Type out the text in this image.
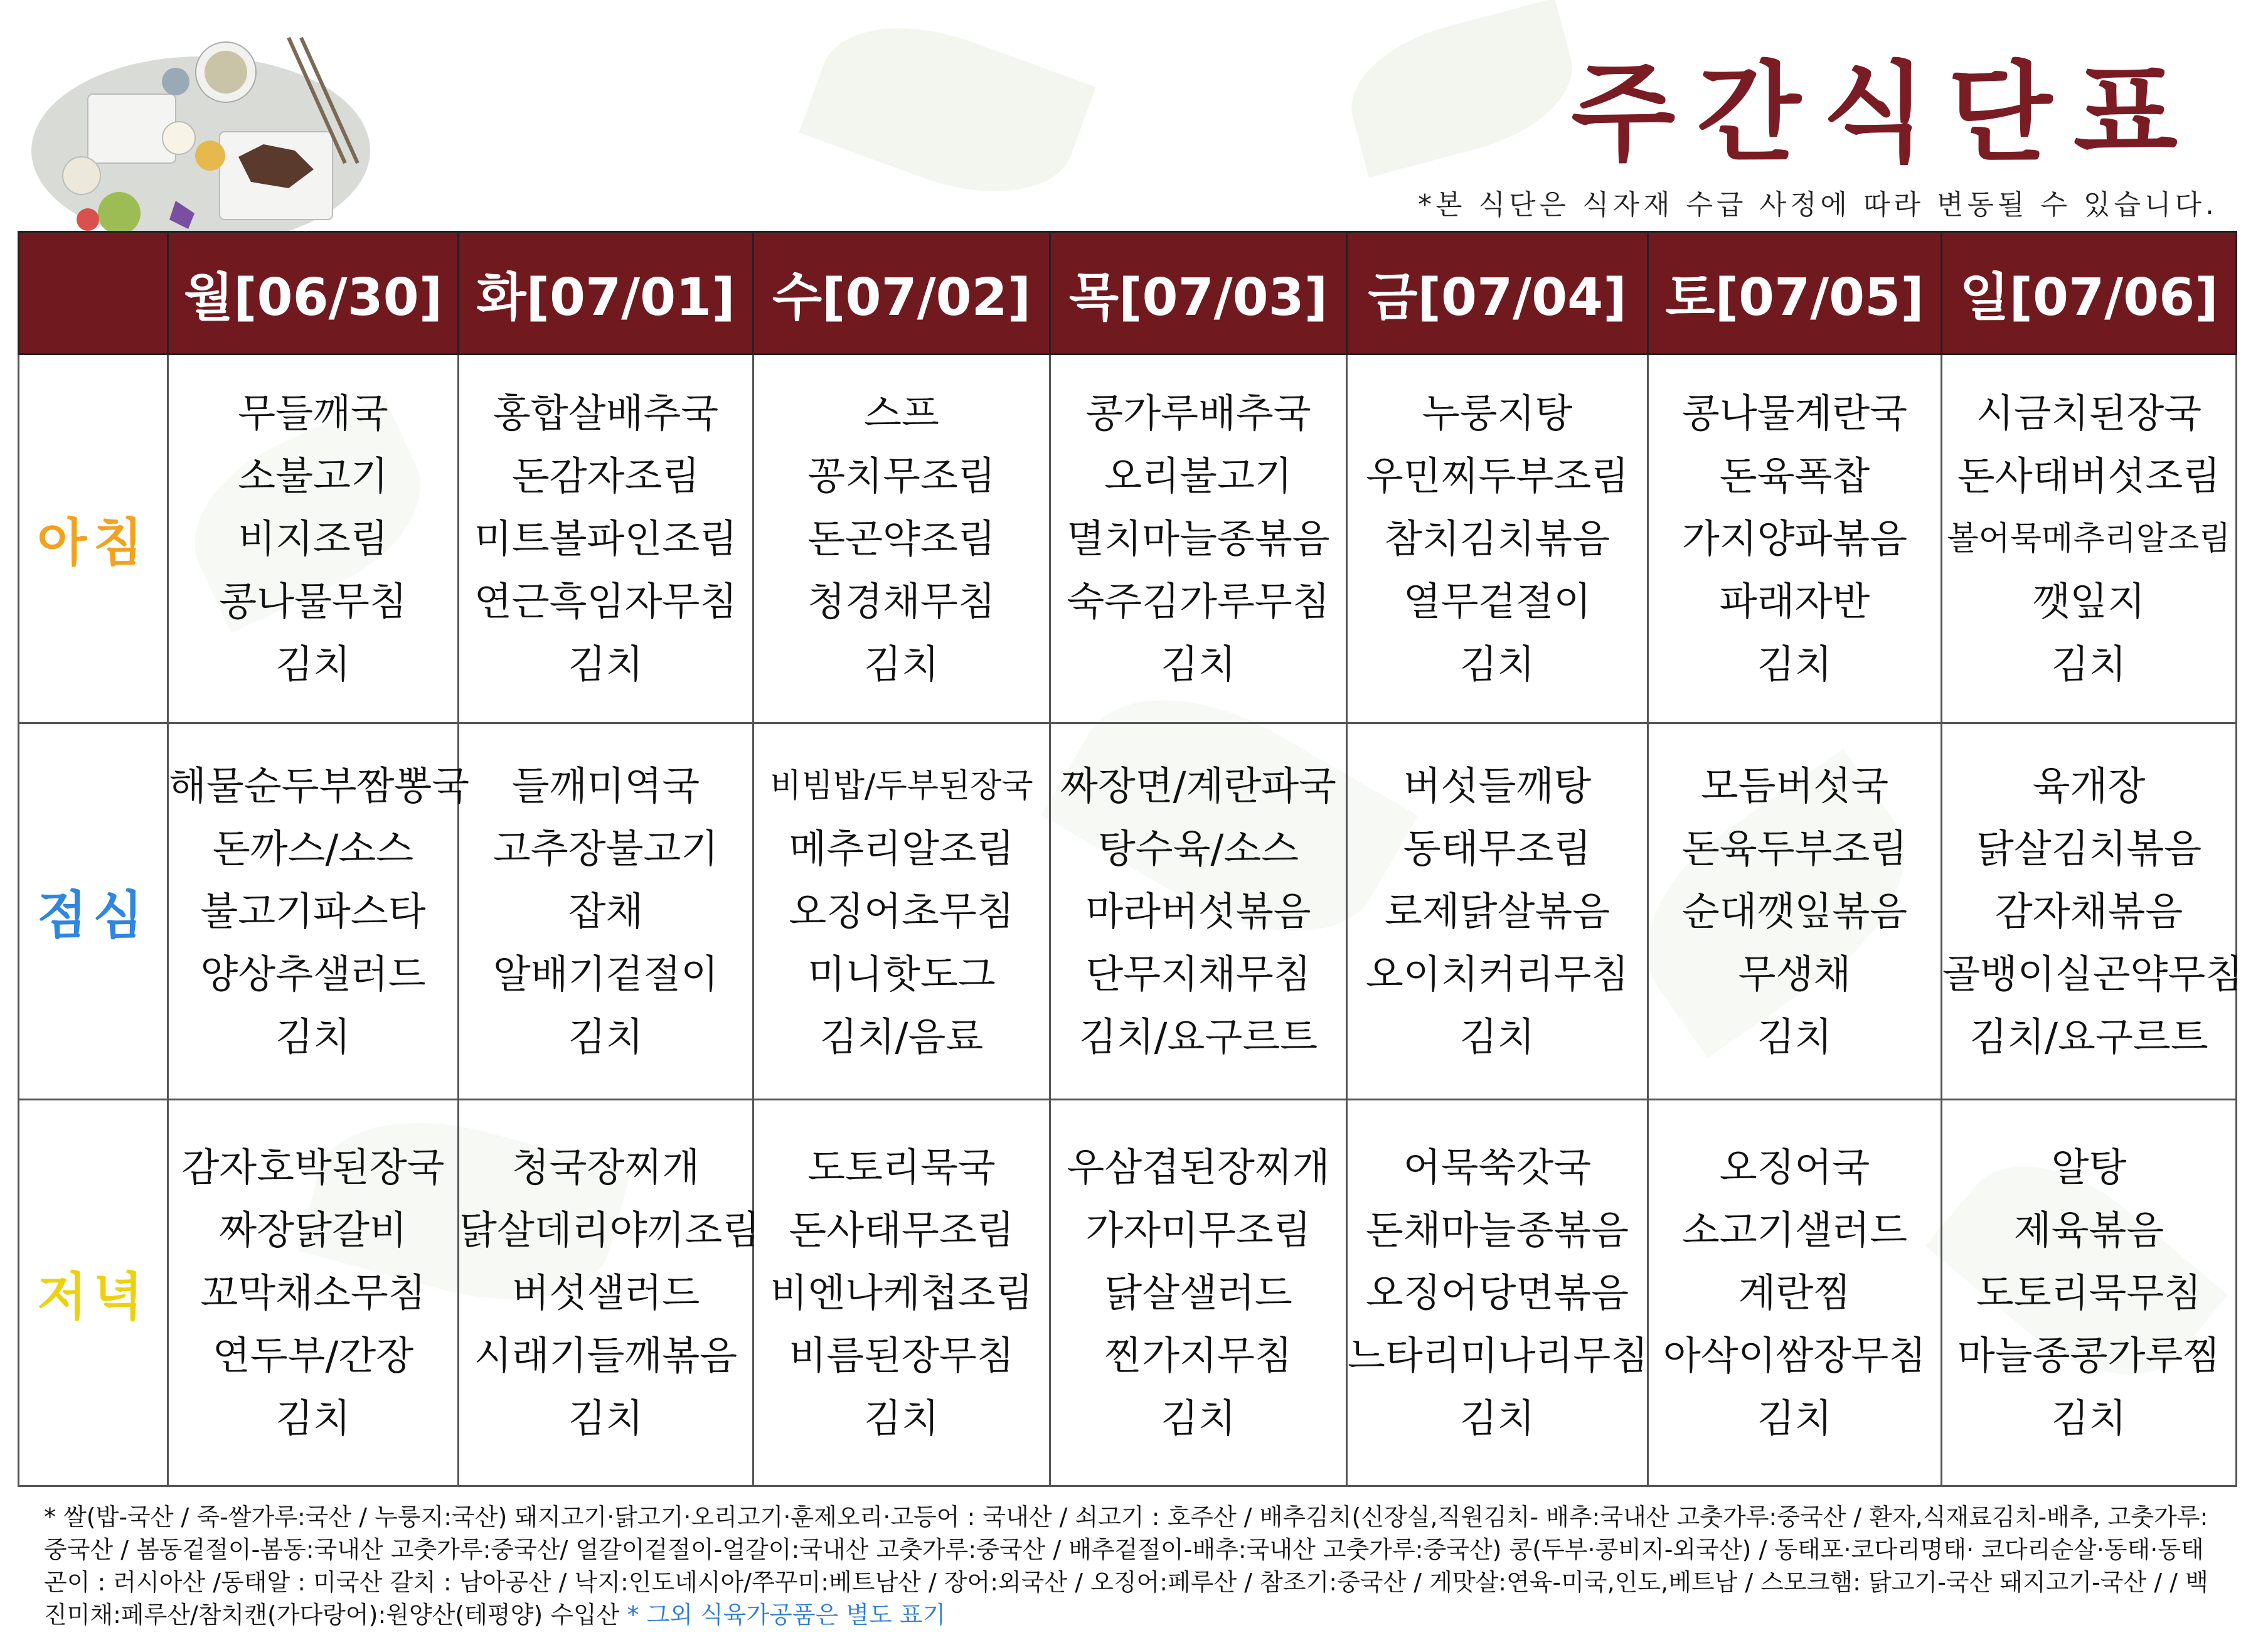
주간식단표
*본 식단은 식자재 수급 사정에 따라 변동될 수 있습니다.
	월[06/30]	화[07/01]	수[07/02]	목[07/03]	금[07/04]	토[07/05]	일[07/06]
아침	무들깨국
소불고기
비지조림
콩나물무침
김치	홍합살배추국
돈감자조림
미트볼파인조림
연근흑임자무침
김치	스프
꽁치무조림
돈곤약조림
청경채무침
김치	콩가루배추국
오리불고기
멸치마늘종볶음
숙주김가루무침
김치	누룽지탕
우민찌두부조림
참치김치볶음
열무겉절이
김치	콩나물계란국
돈육폭찹
가지양파볶음
파래자반
김치	시금치된장국
돈사태버섯조림
볼어묵메추리알조림
깻잎지
김치

점심	해물순두부짬뽕국
돈까스/소스
불고기파스타
양상추샐러드
김치	들깨미역국
고추장불고기
잡채
알배기겉절이
김치	비빔밥/두부된장국
메추리알조림
오징어초무침
미니핫도그
김치/음료	짜장면/계란파국
탕수육/소스
마라버섯볶음
단무지채무침
김치/요구르트	버섯들깨탕
동태무조림
로제닭살볶음
오이치커리무침
김치	모듬버섯국
돈육두부조림
순대깻잎볶음
무생채
김치	육개장
닭살김치볶음
감자채볶음
골뱅이실곤약무침
김치/요구르트

저녁	감자호박된장국
짜장닭갈비
꼬막채소무침
연두부/간장
김치	청국장찌개
닭살데리야끼조림
버섯샐러드
시래기들깨볶음
김치	도토리묵국
돈사태무조림
비엔나케첩조림
비름된장무침
김치	우삼겹된장찌개
가자미무조림
닭살샐러드
찐가지무침
김치	어묵쑥갓국
돈채마늘종볶음
오징어당면볶음
느타리미나리무침
김치	오징어국
소고기샐러드
계란찜
아삭이쌈장무침
김치	알탕
제육볶음
도토리묵무침
마늘종콩가루찜
김치
* 쌀(밥-국산 / 죽-쌀가루:국산 / 누룽지:국산) 돼지고기·닭고기·오리고기·훈제오리·고등어 : 국내산 / 쇠고기 : 호주산 / 배추김치(신장실,직원김치- 배추:국내산 고춧가루:중국산 / 환자,식재료김치-배추, 고춧가루:중국산 / 봄동겉절이-봄동:국내산 고춧가루:중국산/ 얼갈이겉절이-얼갈이:국내산 고춧가루:중국산 / 배추겉절이-배추:국내산 고춧가루:중국산) 콩(두부·콩비지-외국산) / 동태포·코다리명태· 코다리순살·동태·동태곤이 : 러시아산 /동태알 : 미국산 갈치 : 남아공산 / 낙지:인도네시아/쭈꾸미:베트남산 / 장어:외국산 / 오징어:페루산 / 참조기:중국산 / 게맛살:연육-미국,인도,베트남 / 스모크햄: 닭고기-국산 돼지고기-국산 / / 백진미채:페루산/참치캔(가다랑어):원양산(테평양) 수입산 * 그외 식육가공품은 별도 표기
